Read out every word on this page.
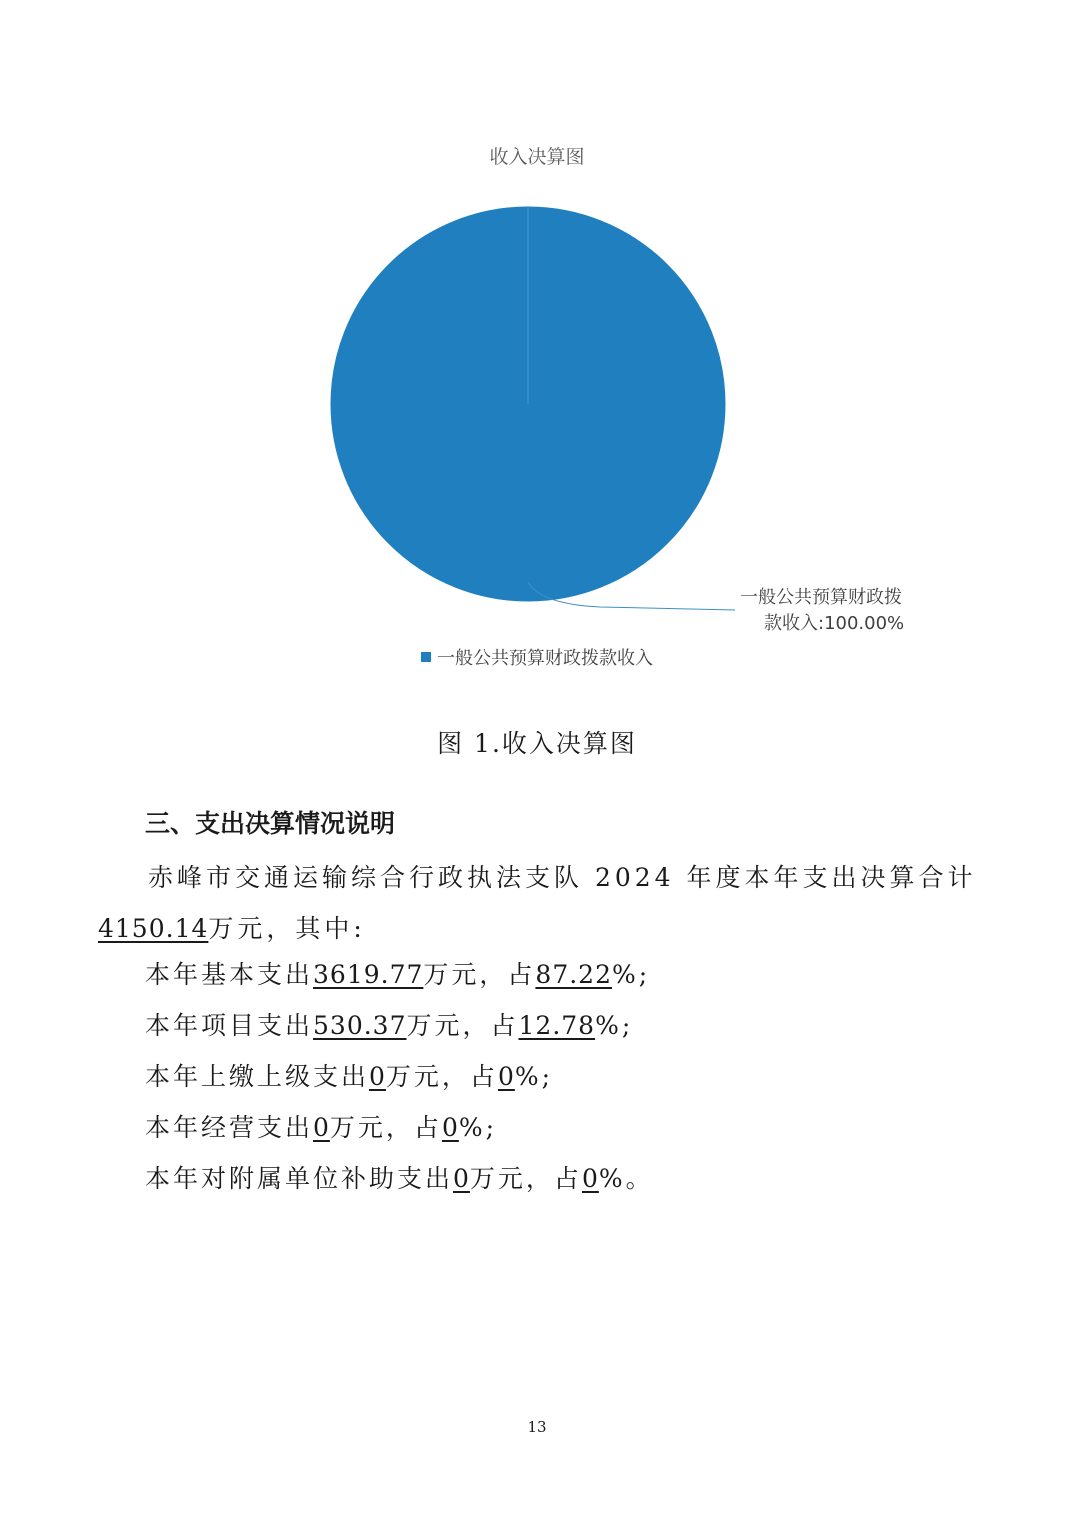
收入决算图
一般公共预算财政拨
款收入:100.00%
一般公共预算财政拨款收入
图 1.收入决算图
三、支出决算情况说明
赤峰市交通运输综合行政执法支队 2024 年度本年支出决算合计4150.14万元，其中:
本年基本支出3619.77万元，占87.22%;
本年项目支出530.37万元，占12.78%;
本年上缴上级支出0万元，占0%;
本年经营支出0万元，占0%;
本年对附属单位补助支出0万元，占0%。
13
